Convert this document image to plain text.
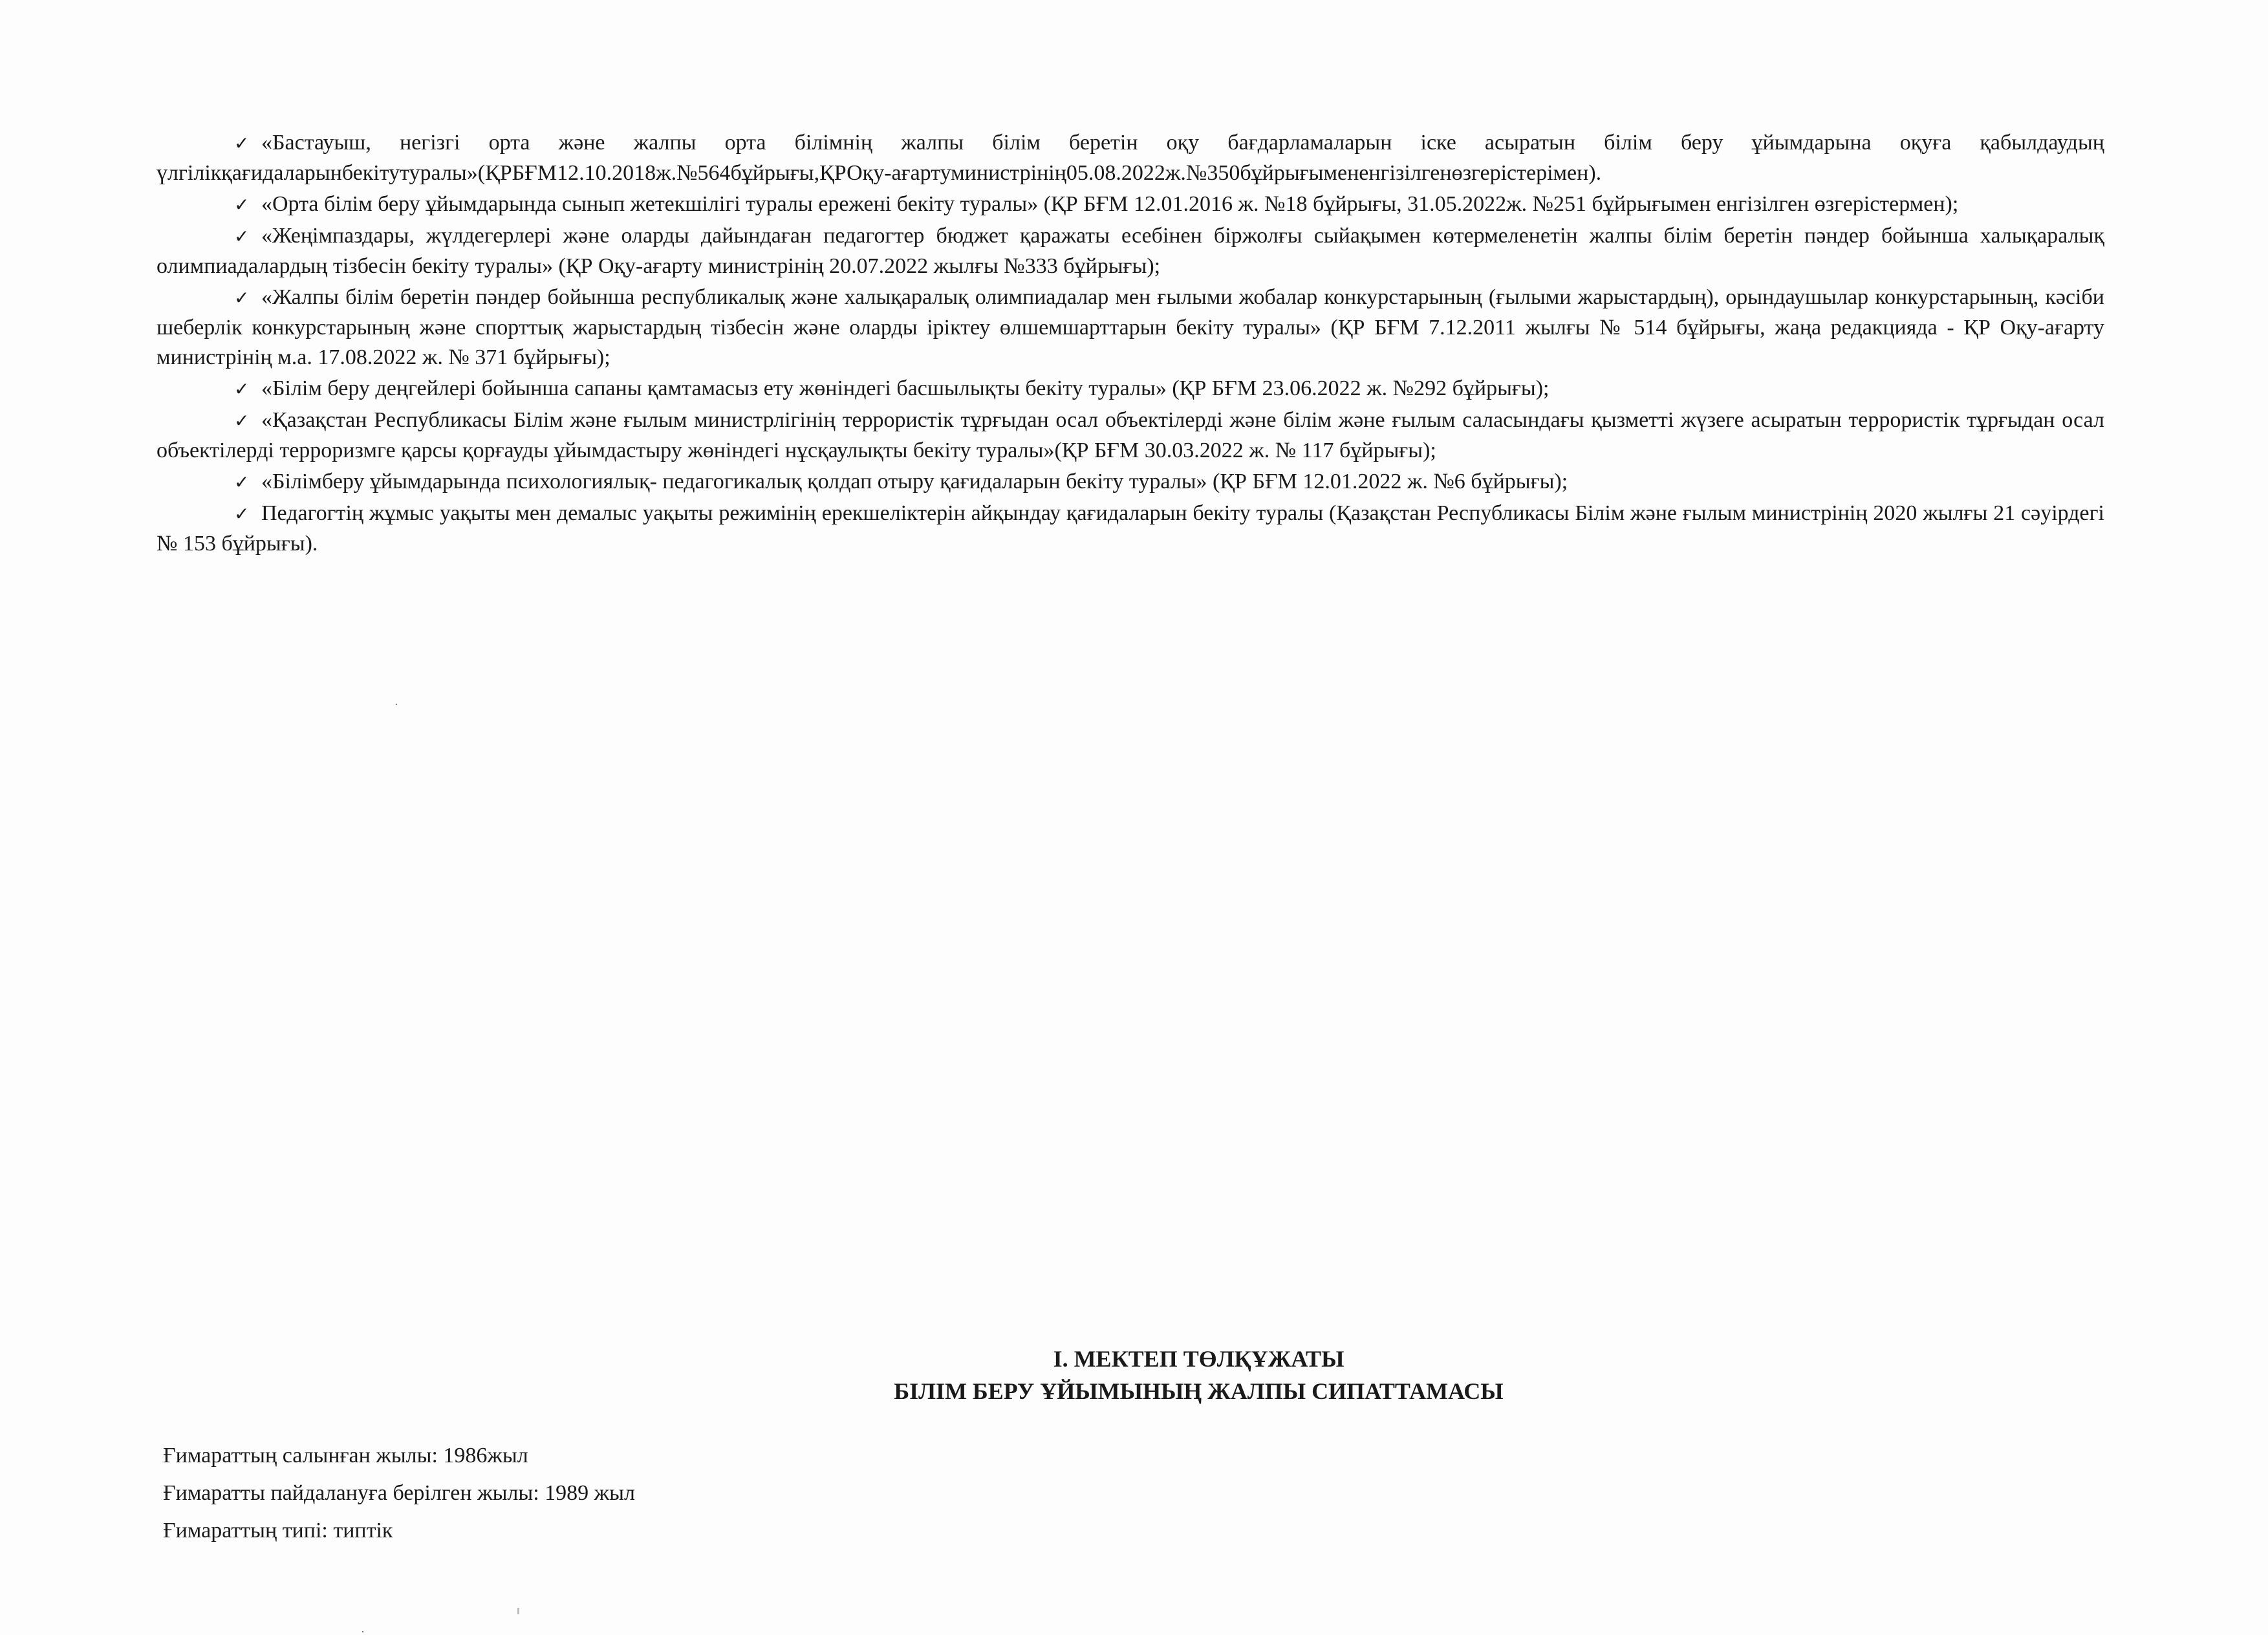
✓ «Бастауыш, негізгі орта және жалпы орта білімнің жалпы білім беретін оқу бағдарламаларын іске асыратын білім беру ұйымдарына оқуға қабылдаудың үлгілікқағидаларынбекітутуралы»(ҚРБҒМ12.10.2018ж.№564бұйрығы,ҚРОқу-ағартуминистрінің05.08.2022ж.№350бұйрығымененгізілгенөзгерістерімен).

✓ «Орта білім беру ұйымдарында сынып жетекшілігі туралы ережені бекіту туралы» (ҚР БҒМ 12.01.2016 ж. №18 бұйрығы, 31.05.2022ж. №251 бұйрығымен енгізілген өзгерістермен);

✓ «Жеңімпаздары, жүлдегерлері және оларды дайындаған педагогтер бюджет қаражаты есебінен біржолғы сыйақымен көтермеленетін жалпы білім беретін пәндер бойынша халықаралық олимпиадалардың тізбесін бекіту туралы» (ҚР Оқу-ағарту министрінің 20.07.2022 жылғы №333 бұйрығы);

✓ «Жалпы білім беретін пәндер бойынша республикалық және халықаралық олимпиадалар мен ғылыми жобалар конкурстарының (ғылыми жарыстардың), орындаушылар конкурстарының, кәсіби шеберлік конкурстарының және спорттық жарыстардың тізбесін және оларды іріктеу өлшемшарттарын бекіту туралы» (ҚР БҒМ 7.12.2011 жылғы № 514 бұйрығы, жаңа редакцияда - ҚР Оқу-ағарту министрінің м.а. 17.08.2022 ж. № 371 бұйрығы);

✓ «Білім беру деңгейлері бойынша сапаны қамтамасыз ету жөніндегі басшылықты бекіту туралы» (ҚР БҒМ 23.06.2022 ж. №292 бұйрығы);

✓ «Қазақстан Республикасы Білім және ғылым министрлігінің террористік тұрғыдан осал объектілерді және білім және ғылым саласындағы қызметті жүзеге асыратын террористік тұрғыдан осал объектілерді терроризмге қарсы қорғауды ұйымдастыру жөніндегі нұсқаулықты бекіту туралы»(ҚР БҒМ 30.03.2022 ж. № 117 бұйрығы);

✓ «Білімберу ұйымдарында психологиялық- педагогикалық қолдап отыру қағидаларын бекіту туралы» (ҚР БҒМ 12.01.2022 ж. №6 бұйрығы);

✓ Педагогтің жұмыс уақыты мен демалыс уақыты режимінің ерекшеліктерін айқындау қағидаларын бекіту туралы (Қазақстан Республикасы Білім және ғылым министрінің 2020 жылғы 21 сәуірдегі № 153 бұйрығы).

I. МЕКТЕП ТӨЛҚҰЖАТЫ
БІЛІМ БЕРУ ҰЙЫМЫНЫҢ ЖАЛПЫ СИПАТТАМАСЫ
Ғимараттың салынған жылы: 1986жыл
Ғимаратты пайдалануға берілген жылы: 1989 жыл
Ғимараттың типі: типтік
